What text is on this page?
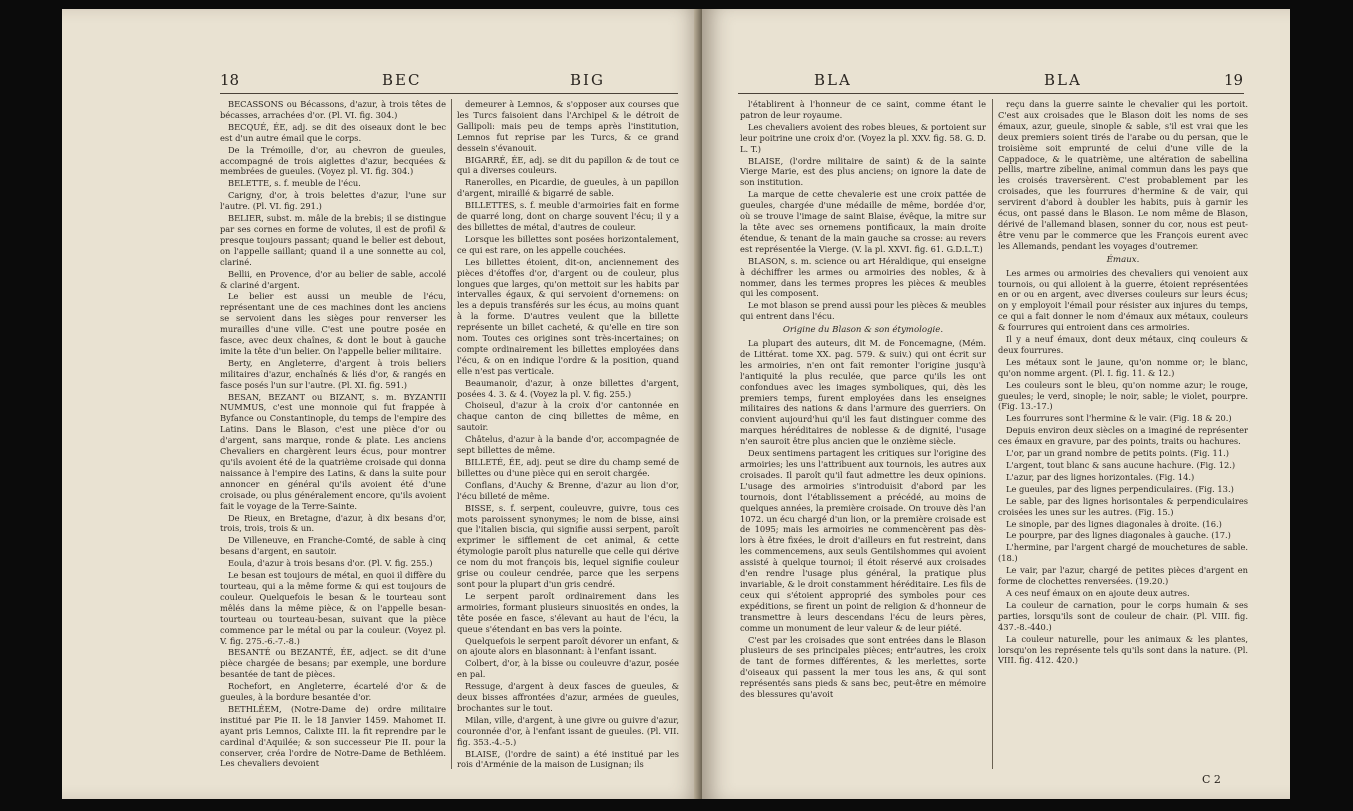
18	BEC	BIG

BECASSONS ou Bécassons, d'azur, à trois têtes de bécasses, arrachées d'or. (Pl. VI. fig. 304.)

BECQUÉ, ÉE, adj. se dit des oiseaux dont le bec est d'un autre émail que le corps.

De la Trémoille, d'or, au chevron de gueules, accompagné de trois aiglettes d'azur, becquées & membrées de gueules. (Voyez pl. VI. fig. 304.)

BELETTE, s. f. meuble de l'écu.

Carigny, d'or, à trois belettes d'azur, l'une sur l'autre. (Pl. VI. fig. 291.)

BELIER, subst. m. mâle de la brebis; il se distingue par ses cornes en forme de volutes, il est de profil & presque toujours passant; quand le belier est debout, on l'appelle saillant; quand il a une sonnette au col, clariné.

Bellii, en Provence, d'or au belier de sable, accolé & clariné d'argent.

Le belier est aussi un meuble de l'écu, représentant une de ces machines dont les anciens se servoient dans les sièges pour renverser les murailles d'une ville. C'est une poutre posée en fasce, avec deux chaînes, & dont le bout à gauche imite la tête d'un belier. On l'appelle belier militaire.

Berty, en Angleterre, d'argent à trois beliers militaires d'azur, enchaînés & liés d'or, & rangés en fasce posés l'un sur l'autre. (Pl. XI. fig. 591.)

BESAN, BEZANT ou BIZANT, s. m. BYZANTII NUMMUS, c'est une monnoie qui fut frappée à Byfance ou Constantinople, du temps de l'empire des Latins. Dans le Blason, c'est une pièce d'or ou d'argent, sans marque, ronde & plate. Les anciens Chevaliers en chargèrent leurs écus, pour montrer qu'ils avoient été de la quatrième croisade qui donna naissance à l'empire des Latins, & dans la suite pour annoncer en général qu'ils avoient été d'une croisade, ou plus généralement encore, qu'ils avoient fait le voyage de la Terre-Sainte.

De Rieux, en Bretagne, d'azur, à dix besans d'or, trois, trois, trois & un.

De Villeneuve, en Franche-Comté, de sable à cinq besans d'argent, en sautoir.

Eoula, d'azur à trois besans d'or. (Pl. V. fig. 255.)

Le besan est toujours de métal, en quoi il diffère du tourteau, qui a la même forme & qui est toujours de couleur. Quelquefois le besan & le tourteau sont mêlés dans la même pièce, & on l'appelle besan-tourteau ou tourteau-besan, suivant que la pièce commence par le métal ou par la couleur. (Voyez pl. V. fig. 275.-6.-7.-8.)

BESANTÉ ou BEZANTÉ, ÉE, adject. se dit d'une pièce chargée de besans; par exemple, une bordure besantée de tant de pièces.

Rochefort, en Angleterre, écartelé d'or & de gueules, à la bordure besantée d'or.

BETHLÉEM, (Notre-Dame de) ordre militaire institué par Pie II. le 18 Janvier 1459. Mahomet II. ayant pris Lemnos, Calixte III. la fit reprendre par le cardinal d'Aquilée; & son successeur Pie II. pour la conserver, créa l'ordre de Notre-Dame de Bethléem. Les chevaliers devoient

demeurer à Lemnos, & s'opposer aux courses que les Turcs faisoient dans l'Archipel & le détroit de Gallipoli: mais peu de temps après l'institution, Lemnos fut reprise par les Turcs, & ce grand dessein s'évanouit.

BIGARRÉ, ÉE, adj. se dit du papillon & de tout ce qui a diverses couleurs.

Ranerolles, en Picardie, de gueules, à un papillon d'argent, miraillé & bigarré de sable.

BILLETTES, s. f. meuble d'armoiries fait en forme de quarré long, dont on charge souvent l'écu; il y a des billettes de métal, d'autres de couleur.

Lorsque les billettes sont posées horizontalement, ce qui est rare, on les appelle couchées.

Les billettes étoient, dit-on, anciennement des pièces d'étoffes d'or, d'argent ou de couleur, plus longues que larges, qu'on mettoit sur les habits par intervalles égaux, & qui servoient d'ornemens: on les a depuis transférés sur les écus, au moins quant à la forme. D'autres veulent que la billette représente un billet cacheté, & qu'elle en tire son nom. Toutes ces origines sont très-incertaines; on compte ordinairement les billettes employées dans l'écu, & on en indique l'ordre & la position, quand elle n'est pas verticale.

Beaumanoir, d'azur, à onze billettes d'argent, posées 4. 3. & 4. (Voyez la pl. V. fig. 255.)

Choiseul, d'azur à la croix d'or cantonnée en chaque canton de cinq billettes de même, en sautoir.

Châtelus, d'azur à la bande d'or, accompagnée de sept billettes de même.

BILLETÉ, ÉE, adj. peut se dire du champ semé de billettes ou d'une pièce qui en seroit chargée.

Conflans, d'Auchy & Brenne, d'azur au lion d'or, l'écu billeté de même.

BISSE, s. f. serpent, couleuvre, guivre, tous ces mots paroissent synonymes; le nom de bisse, ainsi que l'italien biscia, qui signifie aussi serpent, paroît exprimer le sifflement de cet animal, & cette étymologie paroît plus naturelle que celle qui dérive ce nom du mot françois bis, lequel signifie couleur grise ou couleur cendrée, parce que les serpens sont pour la plupart d'un gris cendré.

Le serpent paroît ordinairement dans les armoiries, formant plusieurs sinuosités en ondes, la tête posée en fasce, s'élevant au haut de l'écu, la queue s'étendant en bas vers la pointe.

Quelquefois le serpent paroît dévorer un enfant, & on ajoute alors en blasonnant: à l'enfant issant.

Colbert, d'or, à la bisse ou couleuvre d'azur, posée en pal.

Ressuge, d'argent à deux fasces de gueules, & deux bisses affrontées d'azur, armées de gueules, brochantes sur le tout.

Milan, ville, d'argent, à une givre ou guivre d'azur, couronnée d'or, à l'enfant issant de gueules. (Pl. VII. fig. 353.-4.-5.)

BLAISE, (l'ordre de saint) a été institué par les rois d'Arménie de la maison de Lusignan; ils

BLA	BLA	19

l'établirent à l'honneur de ce saint, comme étant le patron de leur royaume.

Les chevaliers avoient des robes bleues, & portoient sur leur poitrine une croix d'or. (Voyez la pl. XXV. fig. 58. G. D. L. T.)

BLAISE, (l'ordre militaire de saint) & de la sainte Vierge Marie, est des plus anciens; on ignore la date de son institution.

La marque de cette chevalerie est une croix pattée de gueules, chargée d'une médaille de même, bordée d'or, où se trouve l'image de saint Blaise, évêque, la mitre sur la tête avec ses ornemens pontificaux, la main droite étendue, & tenant de la main gauche sa crosse: au revers est représentée la Vierge. (V. la pl. XXVI. fig. 61. G.D.L.T.)

BLASON, s. m. science ou art Héraldique, qui enseigne à déchiffrer les armes ou armoiries des nobles, & à nommer, dans les termes propres les pièces & meubles qui les composent.

Le mot blason se prend aussi pour les pièces & meubles qui entrent dans l'écu.

Origine du Blason & son étymologie.

La plupart des auteurs, dit M. de Foncemagne, (Mém. de Littérat. tome XX. pag. 579. & suiv.) qui ont écrit sur les armoiries, n'en ont fait remonter l'origine jusqu'à l'antiquité la plus reculée, que parce qu'ils les ont confondues avec les images symboliques, qui, dès les premiers temps, furent employées dans les enseignes militaires des nations & dans l'armure des guerriers. On convient aujourd'hui qu'il les faut distinguer comme des marques héréditaires de noblesse & de dignité, l'usage n'en sauroit être plus ancien que le onzième siècle.

Deux sentimens partagent les critiques sur l'origine des armoiries; les uns l'attribuent aux tournois, les autres aux croisades. Il paroît qu'il faut admettre les deux opinions. L'usage des armoiries s'introduisit d'abord par les tournois, dont l'établissement a précédé, au moins de quelques années, la première croisade. On trouve dès l'an 1072. un écu chargé d'un lion, or la première croisade est de 1095; mais les armoiries ne commencèrent pas dès-lors à être fixées, le droit d'ailleurs en fut restreint, dans les commencemens, aux seuls Gentilshommes qui avoient assisté à quelque tournoi; il étoit réservé aux croisades d'en rendre l'usage plus général, la pratique plus invariable, & le droit constamment héréditaire. Les fils de ceux qui s'étoient approprié des symboles pour ces expéditions, se firent un point de religion & d'honneur de transmettre à leurs descendans l'écu de leurs pères, comme un monument de leur valeur & de leur piété.

C'est par les croisades que sont entrées dans le Blason plusieurs de ses principales pièces; entr'autres, les croix de tant de formes différentes, & les merlettes, sorte d'oiseaux qui passent la mer tous les ans, & qui sont représentés sans pieds & sans bec, peut-être en mémoire des blessures qu'avoit

reçu dans la guerre sainte le chevalier qui les portoit. C'est aux croisades que le Blason doit les noms de ses émaux, azur, gueule, sinople & sable, s'il est vrai que les deux premiers soient tirés de l'arabe ou du persan, que le troisième soit emprunté de celui d'une ville de la Cappadoce, & le quatrième, une altération de sabellina pellis, martre zibeline, animal commun dans les pays que les croisés traversèrent. C'est probablement par les croisades, que les fourrures d'hermine & de vair, qui servirent d'abord à doubler les habits, puis à garnir les écus, ont passé dans le Blason. Le nom même de Blason, dérivé de l'allemand blasen, sonner du cor, nous est peut-être venu par le commerce que les François eurent avec les Allemands, pendant les voyages d'outremer.

Émaux.

Les armes ou armoiries des chevaliers qui venoient aux tournois, ou qui alloient à la guerre, étoient représentées en or ou en argent, avec diverses couleurs sur leurs écus; on y employoit l'émail pour résister aux injures du temps, ce qui a fait donner le nom d'émaux aux métaux, couleurs & fourrures qui entroient dans ces armoiries.

Il y a neuf émaux, dont deux métaux, cinq couleurs & deux fourrures.

Les métaux sont le jaune, qu'on nomme or; le blanc, qu'on nomme argent. (Pl. I. fig. 11. & 12.)

Les couleurs sont le bleu, qu'on nomme azur; le rouge, gueules; le verd, sinople; le noir, sable; le violet, pourpre. (Fig. 13.-17.)

Les fourrures sont l'hermine & le vair. (Fig. 18 & 20.)

Depuis environ deux siècles on a imaginé de représenter ces émaux en gravure, par des points, traits ou hachures.

L'or, par un grand nombre de petits points. (Fig. 11.)

L'argent, tout blanc & sans aucune hachure. (Fig. 12.)

L'azur, par des lignes horizontales. (Fig. 14.)

Le gueules, par des lignes perpendiculaires. (Fig. 13.)

Le sable, par des lignes horisontales & perpendiculaires croisées les unes sur les autres. (Fig. 15.)

Le sinople, par des lignes diagonales à droite. (16.)

Le pourpre, par des lignes diagonales à gauche. (17.)

L'hermine, par l'argent chargé de mouchetures de sable. (18.)

Le vair, par l'azur, chargé de petites pièces d'argent en forme de clochettes renversées. (19.20.)

A ces neuf émaux on en ajoute deux autres.

La couleur de carnation, pour le corps humain & ses parties, lorsqu'ils sont de couleur de chair. (Pl. VIII. fig. 437.-8.-440.)

La couleur naturelle, pour les animaux & les plantes, lorsqu'on les représente tels qu'ils sont dans la nature. (Pl. VIII. fig. 412. 420.)

C 2
